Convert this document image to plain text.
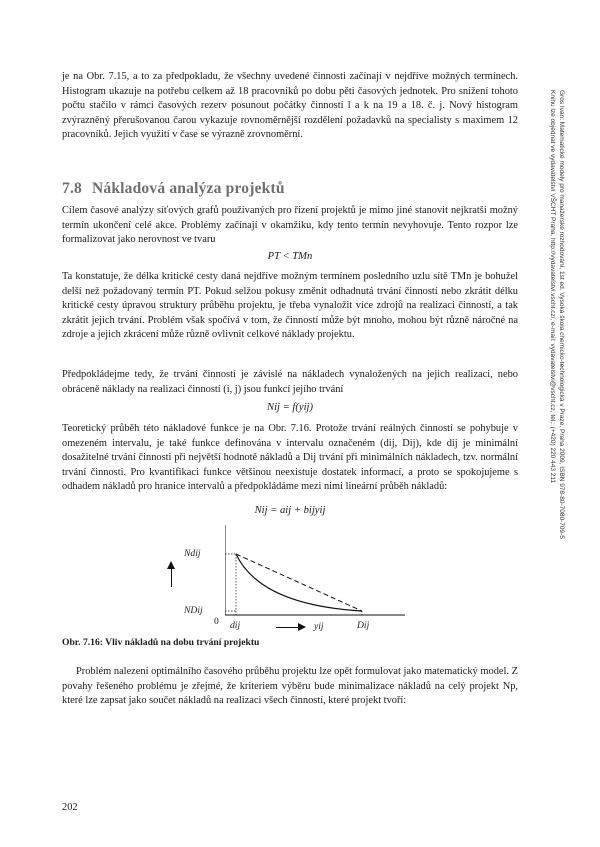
Gros Ivan: Matematické modely pro manažerské rozhodování, 1st ed. Vysoká škola chemicko-technologická v Praze, Praha 2009, ISBN 978-80-7080-709-5
Knihu lze objednat ve vydavatelství VŠCHT Praha, http://vydavatelstvi.vscht.cz/, e-mail: vydavatelstvi@vscht.cz, tel.: (+420) 220 443 211

je na Obr. 7.15, a to za předpokladu, že všechny uvedené činnosti začínají v nejdříve možných termínech. Histogram ukazuje na potřebu celkem až 18 pracovníků po dobu pěti časových jednotek. Pro snížení tohoto počtu stačilo v rámci časových rezerv posunout počátky činností l a k na 19 a 18. č. j. Nový histogram zvýrazněný přerušovanou čarou vykazuje rovnoměrnější rozdělení požadavků na specialisty s maximem 12 pracovníků. Jejich využití v čase se výrazně zrovnoměrní.

7.8 Nákladová analýza projektů

Cílem časové analýzy síťových grafů používaných pro řízení projektů je mimo jiné stanovit nejkratší možný termín ukončení celé akce. Problémy začínají v okamžiku, kdy tento termín nevyhovuje. Tento rozpor lze formalizovat jako nerovnost ve tvaru

PT < TMn

Ta konstatuje, že délka kritické cesty daná nejdříve možným termínem posledního uzlu sítě TMn je bohužel delší než požadovaný termín PT. Pokud selžou pokusy změnit odhadnutá trvání činností nebo zkrátit délku kritické cesty úpravou struktury průběhu projektu, je třeba vynaložit více zdrojů na realizaci činností, a tak zkrátit jejich trvání. Problém však spočívá v tom, že činností může být mnoho, mohou být různě náročné na zdroje a jejich zkrácení může různě ovlivnit celkové náklady projektu.

Předpokládejme tedy, že trvání činností je závislé na nákladech vynaložených na jejich realizaci, nebo obráceně náklady na realizaci činností (i, j) jsou funkcí jejího trvání

Nij = f(yij)

Teoretický průběh této nákladové funkce je na Obr. 7.16. Protože trvání reálných činností se pohybuje v omezeném intervalu, je také funkce definována v intervalu označeném (dij, Dij), kde dij je minimální dosažitelné trvání činnosti při největší hodnotě nákladů a Dij trvání při minimálních nákladech, tzv. normální trvání činnosti. Pro kvantifikaci funkce většinou neexistuje dostatek informací, a proto se spokojujeme s odhadem nákladů pro hranice intervalů a předpokládáme mezi nimi lineární průběh nákladů:

Nij = aij + bijyij
Ndij
NDij
0 dij	yij	Dij
Obr. 7.16: Vliv nákladů na dobu trvání projektu

Problém nalezení optimálního časového průběhu projektu lze opět formulovat jako matematický model. Z povahy řešeného problému je zřejmé, že kriteriem výběru bude minimalizace nákladů na celý projekt Np, které lze zapsat jako součet nákladů na realizaci všech činností, které projekt tvoří:

202
